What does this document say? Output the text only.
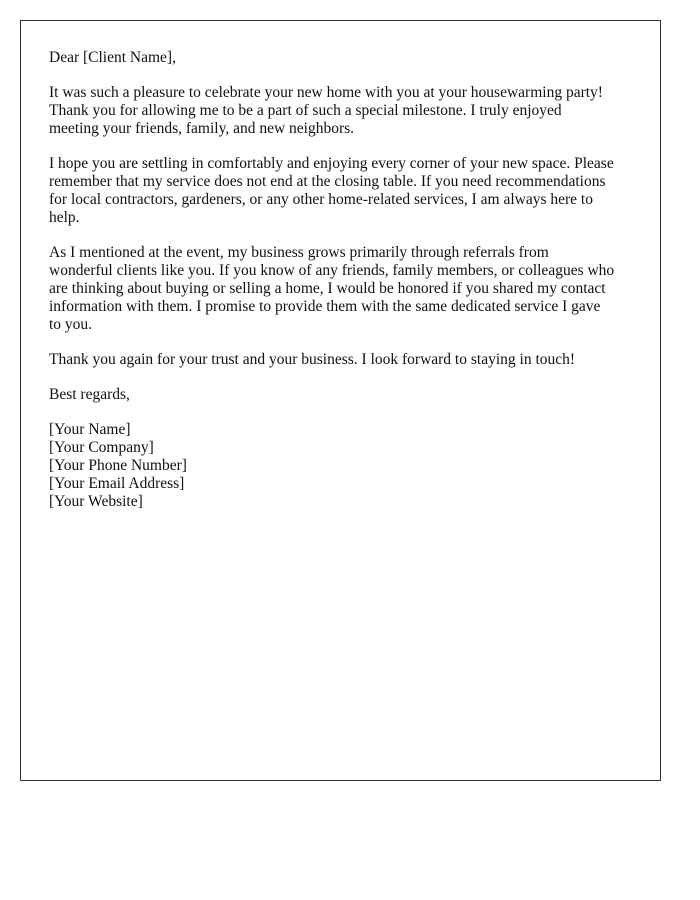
Dear [Client Name],

It was such a pleasure to celebrate your new home with you at your housewarming party!
Thank you for allowing me to be a part of such a special milestone. I truly enjoyed
meeting your friends, family, and new neighbors.

I hope you are settling in comfortably and enjoying every corner of your new space. Please
remember that my service does not end at the closing table. If you need recommendations
for local contractors, gardeners, or any other home-related services, I am always here to
help.

As I mentioned at the event, my business grows primarily through referrals from
wonderful clients like you. If you know of any friends, family members, or colleagues who
are thinking about buying or selling a home, I would be honored if you shared my contact
information with them. I promise to provide them with the same dedicated service I gave
to you.

Thank you again for your trust and your business. I look forward to staying in touch!

Best regards,

[Your Name]
[Your Company]
[Your Phone Number]
[Your Email Address]
[Your Website]
